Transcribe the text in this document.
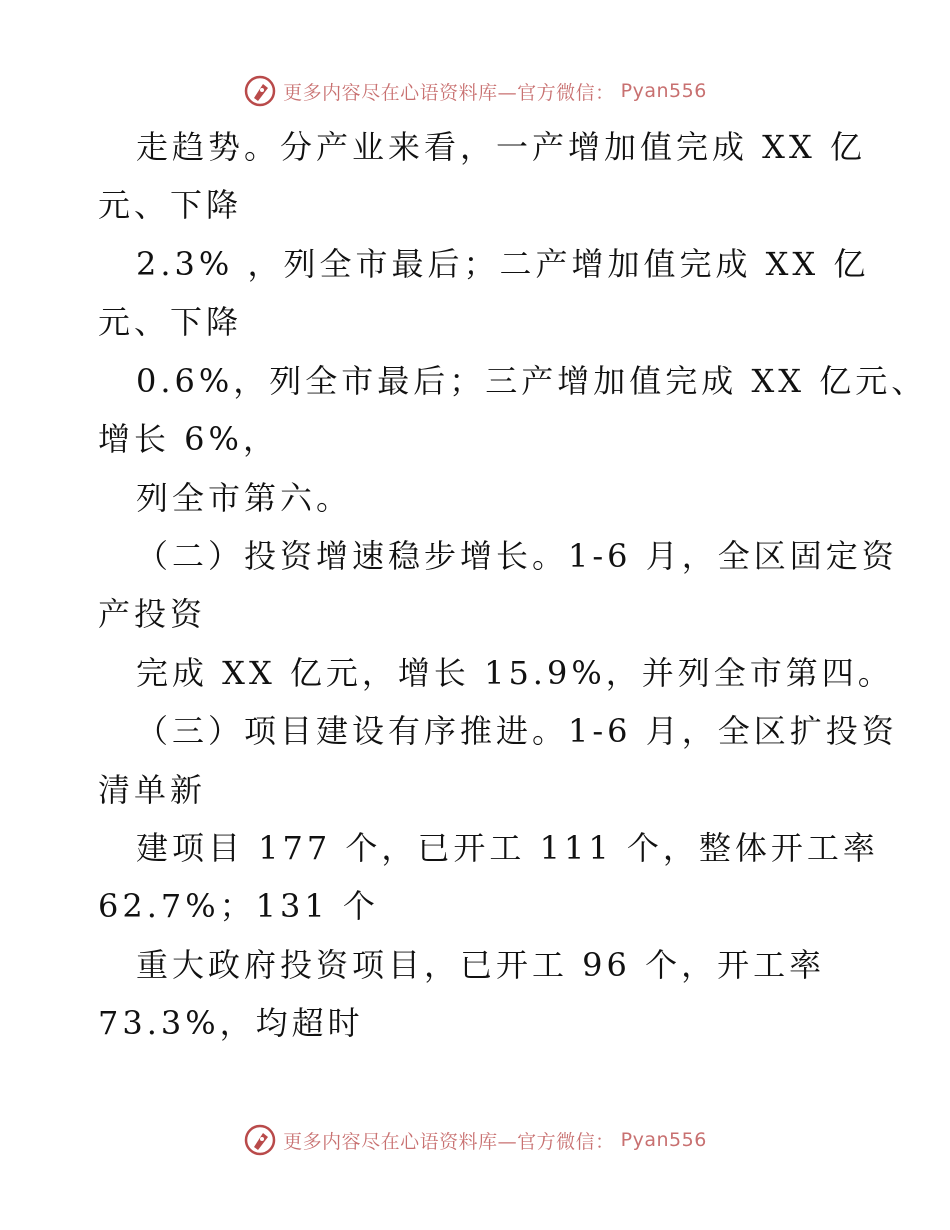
更多内容尽在心语资料库—官方微信： Pyan556
走趋势。分产业来看，一产增加值完成 XX 亿
元、下降
2.3% ，列全市最后；二产增加值完成 XX 亿
元、下降
0.6%，列全市最后；三产增加值完成 XX 亿元、
增长 6%，
列全市第六。
（二）投资增速稳步增长。1-6 月，全区固定资
产投资
完成 XX 亿元，增长 15.9%，并列全市第四。
（三）项目建设有序推进。1-6 月，全区扩投资
清单新
建项目 177 个，已开工 111 个，整体开工率
62.7%；131 个
重大政府投资项目，已开工 96 个，开工率
73.3%，均超时
更多内容尽在心语资料库—官方微信： Pyan556
